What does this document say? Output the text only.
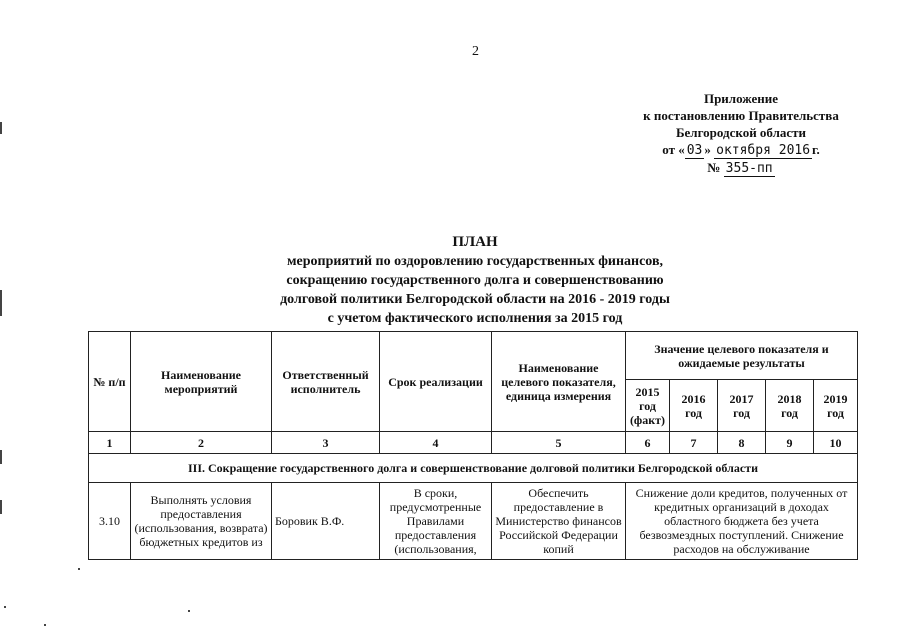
2
Приложение
к постановлению Правительства
Белгородской области
от « 03 » октября 2016 г.
№ 355-пп
ПЛАН
мероприятий по оздоровлению государственных финансов,
сокращению государственного долга и совершенствованию
долговой политики Белгородской области на 2016 - 2019 годы
с учетом фактического исполнения за 2015 год
№ п/п	Наименование мероприятий	Ответственный исполнитель	Срок реализации	Наименование целевого показателя, единица измерения	Значение целевого показателя и ожидаемые результаты				
					2015 год (факт)	2016 год	2017 год	2018 год	2019 год
1	2	3	4	5	6	7	8	9	10
III. Сокращение государственного долга и совершенствование долговой политики Белгородской области									
3.10	Выполнять условия предоставления (использования, возврата) бюджетных кредитов из	Боровик В.Ф.	В сроки, предусмотренные Правилами предоставления (использования,	Обеспечить предоставление в Министерство финансов Российской Федерации копий	Снижение доли кредитов, полученных от кредитных организаций в доходах областного бюджета без учета безвозмездных поступлений. Снижение расходов на обслуживание				
